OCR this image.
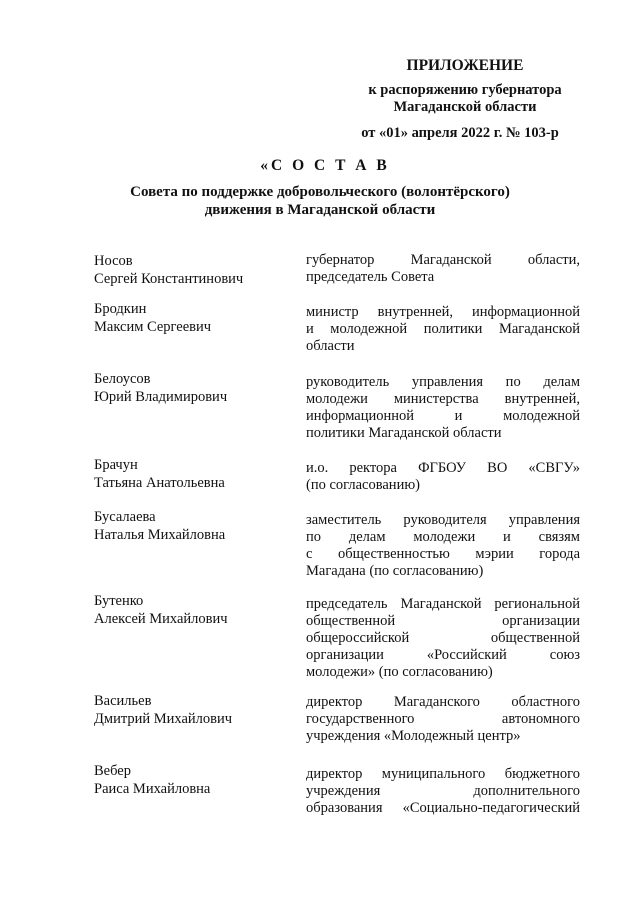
ПРИЛОЖЕНИЕ
к распоряжению губернатора
Магаданской области
от «01» апреля 2022 г. № 103-р
«С О С Т А В
Совета по поддержке добровольческого (волонтёрского)
движения в Магаданской области
Носов
Сергей Константинович
губернатор Магаданской области,
председатель Совета
Бродкин
Максим Сергеевич
министр внутренней, информационной
и молодежной политики Магаданской
области
Белоусов
Юрий Владимирович
руководитель управления по делам
молодежи министерства внутренней,
информационной и молодежной
политики Магаданской области
Брачун
Татьяна Анатольевна
и.о. ректора ФГБОУ ВО «СВГУ»
(по согласованию)
Бусалаева
Наталья Михайловна
заместитель руководителя управления
по делам молодежи и связям
с общественностью мэрии города
Магадана (по согласованию)
Бутенко
Алексей Михайлович
председатель Магаданской региональной
общественной организации
общероссийской общественной
организации «Российский союз
молодежи» (по согласованию)
Васильев
Дмитрий Михайлович
директор Магаданского областного
государственного автономного
учреждения «Молодежный центр»
Вебер
Раиса Михайловна
директор муниципального бюджетного
учреждения дополнительного
образования «Социально-педагогический
